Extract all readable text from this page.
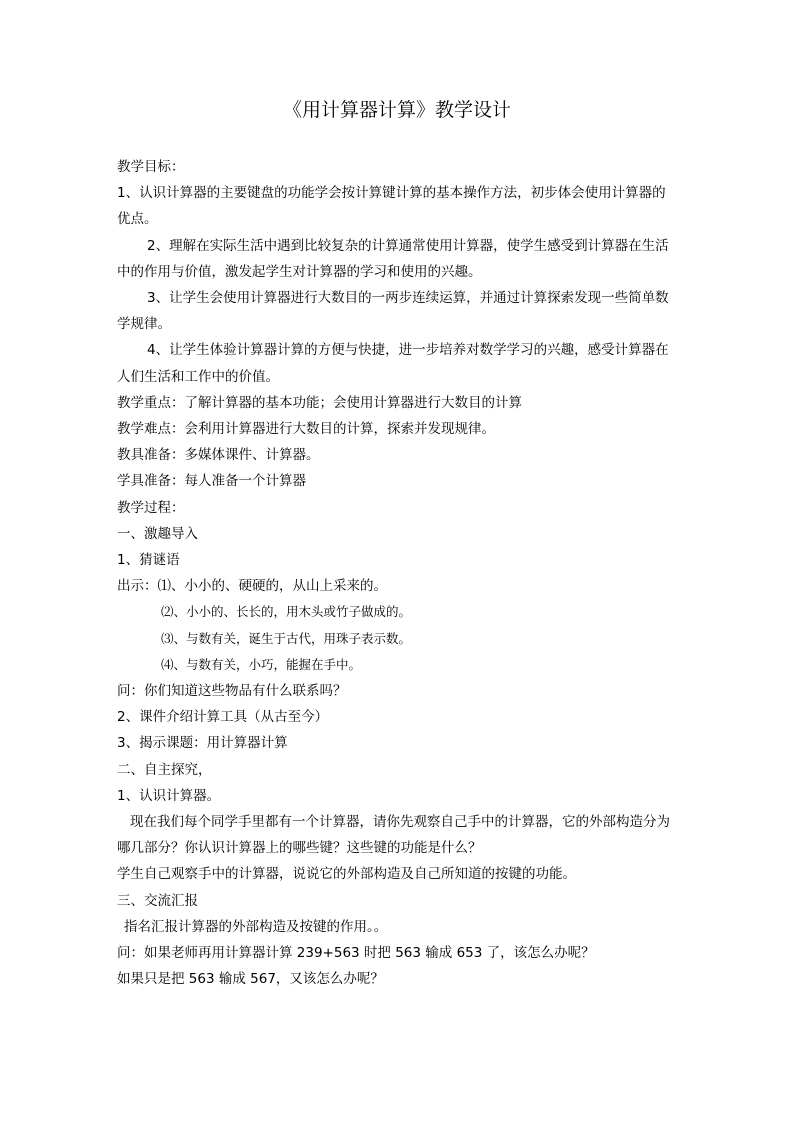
《用计算器计算》教学设计
教学目标：
1、认识计算器的主要键盘的功能学会按计算键计算的基本操作方法，初步体会使用计算器的优点。
2、理解在实际生活中遇到比较复杂的计算通常使用计算器，使学生感受到计算器在生活中的作用与价值，激发起学生对计算器的学习和使用的兴趣。
3、让学生会使用计算器进行大数目的一两步连续运算，并通过计算探索发现一些简单数学规律。
4、让学生体验计算器计算的方便与快捷，进一步培养对数学学习的兴趣，感受计算器在人们生活和工作中的价值。
教学重点：了解计算器的基本功能；会使用计算器进行大数目的计算
教学难点：会利用计算器进行大数目的计算，探索并发现规律。
教具准备：多媒体课件、计算器。
学具准备：每人准备一个计算器
教学过程：
一、激趣导入
1、猜谜语
出示：⑴、小小的、硬硬的，从山上采来的。
⑵、小小的、长长的，用木头或竹子做成的。
⑶、与数有关，诞生于古代，用珠子表示数。
⑷、与数有关，小巧，能握在手中。
问：你们知道这些物品有什么联系吗？
2、课件介绍计算工具（从古至今）
3、揭示课题：用计算器计算
二、自主探究，
1、认识计算器。
现在我们每个同学手里都有一个计算器，请你先观察自己手中的计算器，它的外部构造分为哪几部分？你认识计算器上的哪些键？这些键的功能是什么？
学生自己观察手中的计算器，说说它的外部构造及自己所知道的按键的功能。
三、交流汇报
指名汇报计算器的外部构造及按键的作用。。
问：如果老师再用计算器计算 239+563 时把 563 输成 653 了，该怎么办呢？
如果只是把 563 输成 567，又该怎么办呢？
